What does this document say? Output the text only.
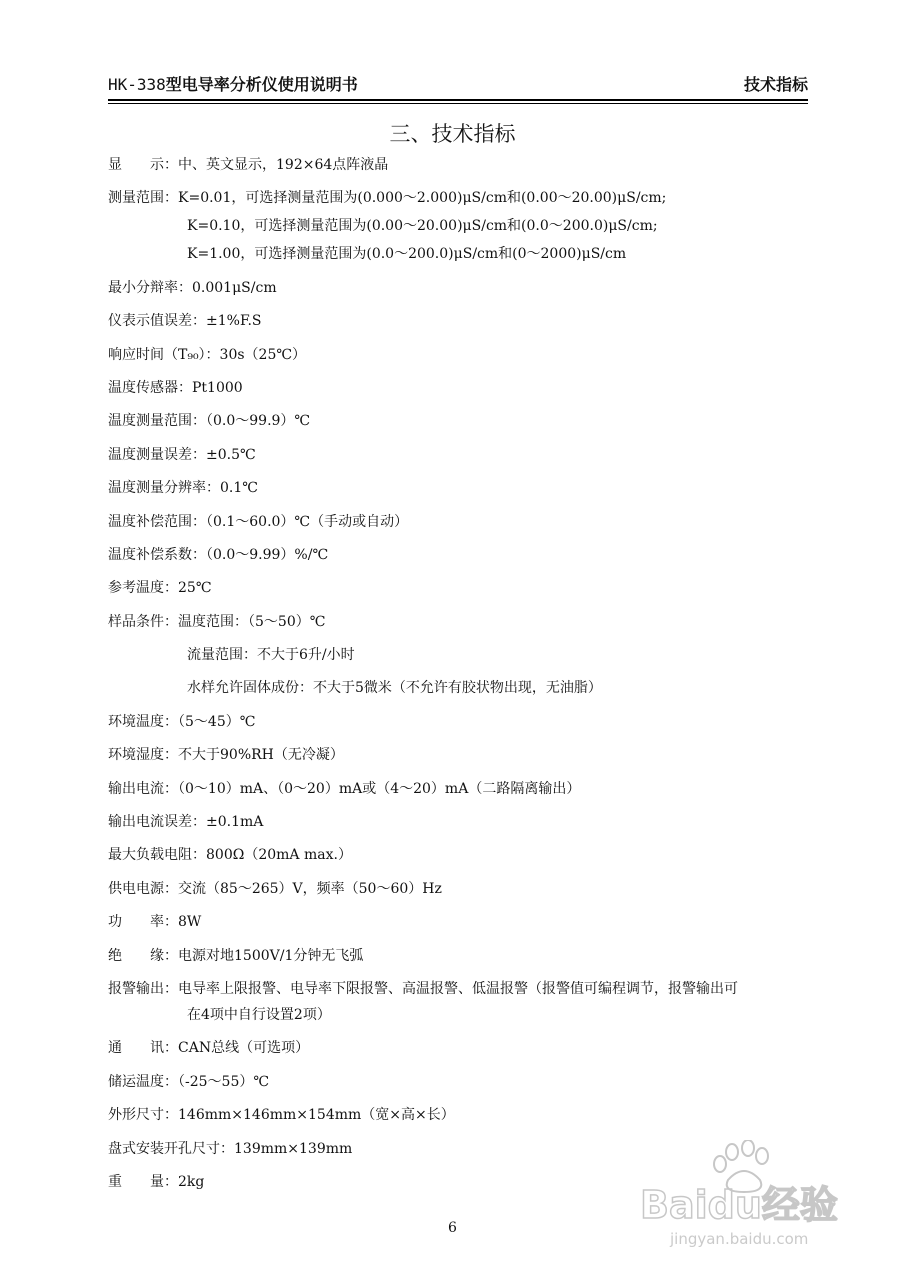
HK-338型电导率分析仪使用说明书	技术指标
三、技术指标
显　　示：中、英文显示，192×64点阵液晶
测量范围：K=0.01，可选择测量范围为(0.000～2.000)μS/cm和(0.00～20.00)μS/cm;
K=0.10，可选择测量范围为(0.00～20.00)μS/cm和(0.0～200.0)μS/cm;
K=1.00，可选择测量范围为(0.0～200.0)μS/cm和(0～2000)μS/cm
最小分辩率：0.001μS/cm
仪表示值误差：±1%F.S
响应时间（T₉₀）：30s（25℃）
温度传感器：Pt1000
温度测量范围：（0.0～99.9）℃
温度测量误差：±0.5℃
温度测量分辨率：0.1℃
温度补偿范围：（0.1～60.0）℃（手动或自动）
温度补偿系数：（0.0～9.99）%/℃
参考温度：25℃
样品条件：温度范围：（5～50）℃
流量范围：不大于6升/小时
水样允许固体成份：不大于5微米（不允许有胶状物出现，无油脂）
环境温度：（5～45）℃
环境湿度：不大于90%RH（无冷凝）
输出电流：（0～10）mA、（0～20）mA或（4～20）mA（二路隔离输出）
输出电流误差：±0.1mA
最大负载电阻：800Ω（20mA max.）
供电电源：交流（85～265）V，频率（50～60）Hz
功　　率：8W
绝　　缘：电源对地1500V/1分钟无飞弧
报警输出：电导率上限报警、电导率下限报警、高温报警、低温报警（报警值可编程调节，报警输出可
在4项中自行设置2项）
通　　讯：CAN总线（可选项）
储运温度：（-25～55）℃
外形尺寸：146mm×146mm×154mm（宽×高×长）
盘式安装开孔尺寸：139mm×139mm
重　　量：2kg
6
Baidu经验
jingyan.baidu.com
